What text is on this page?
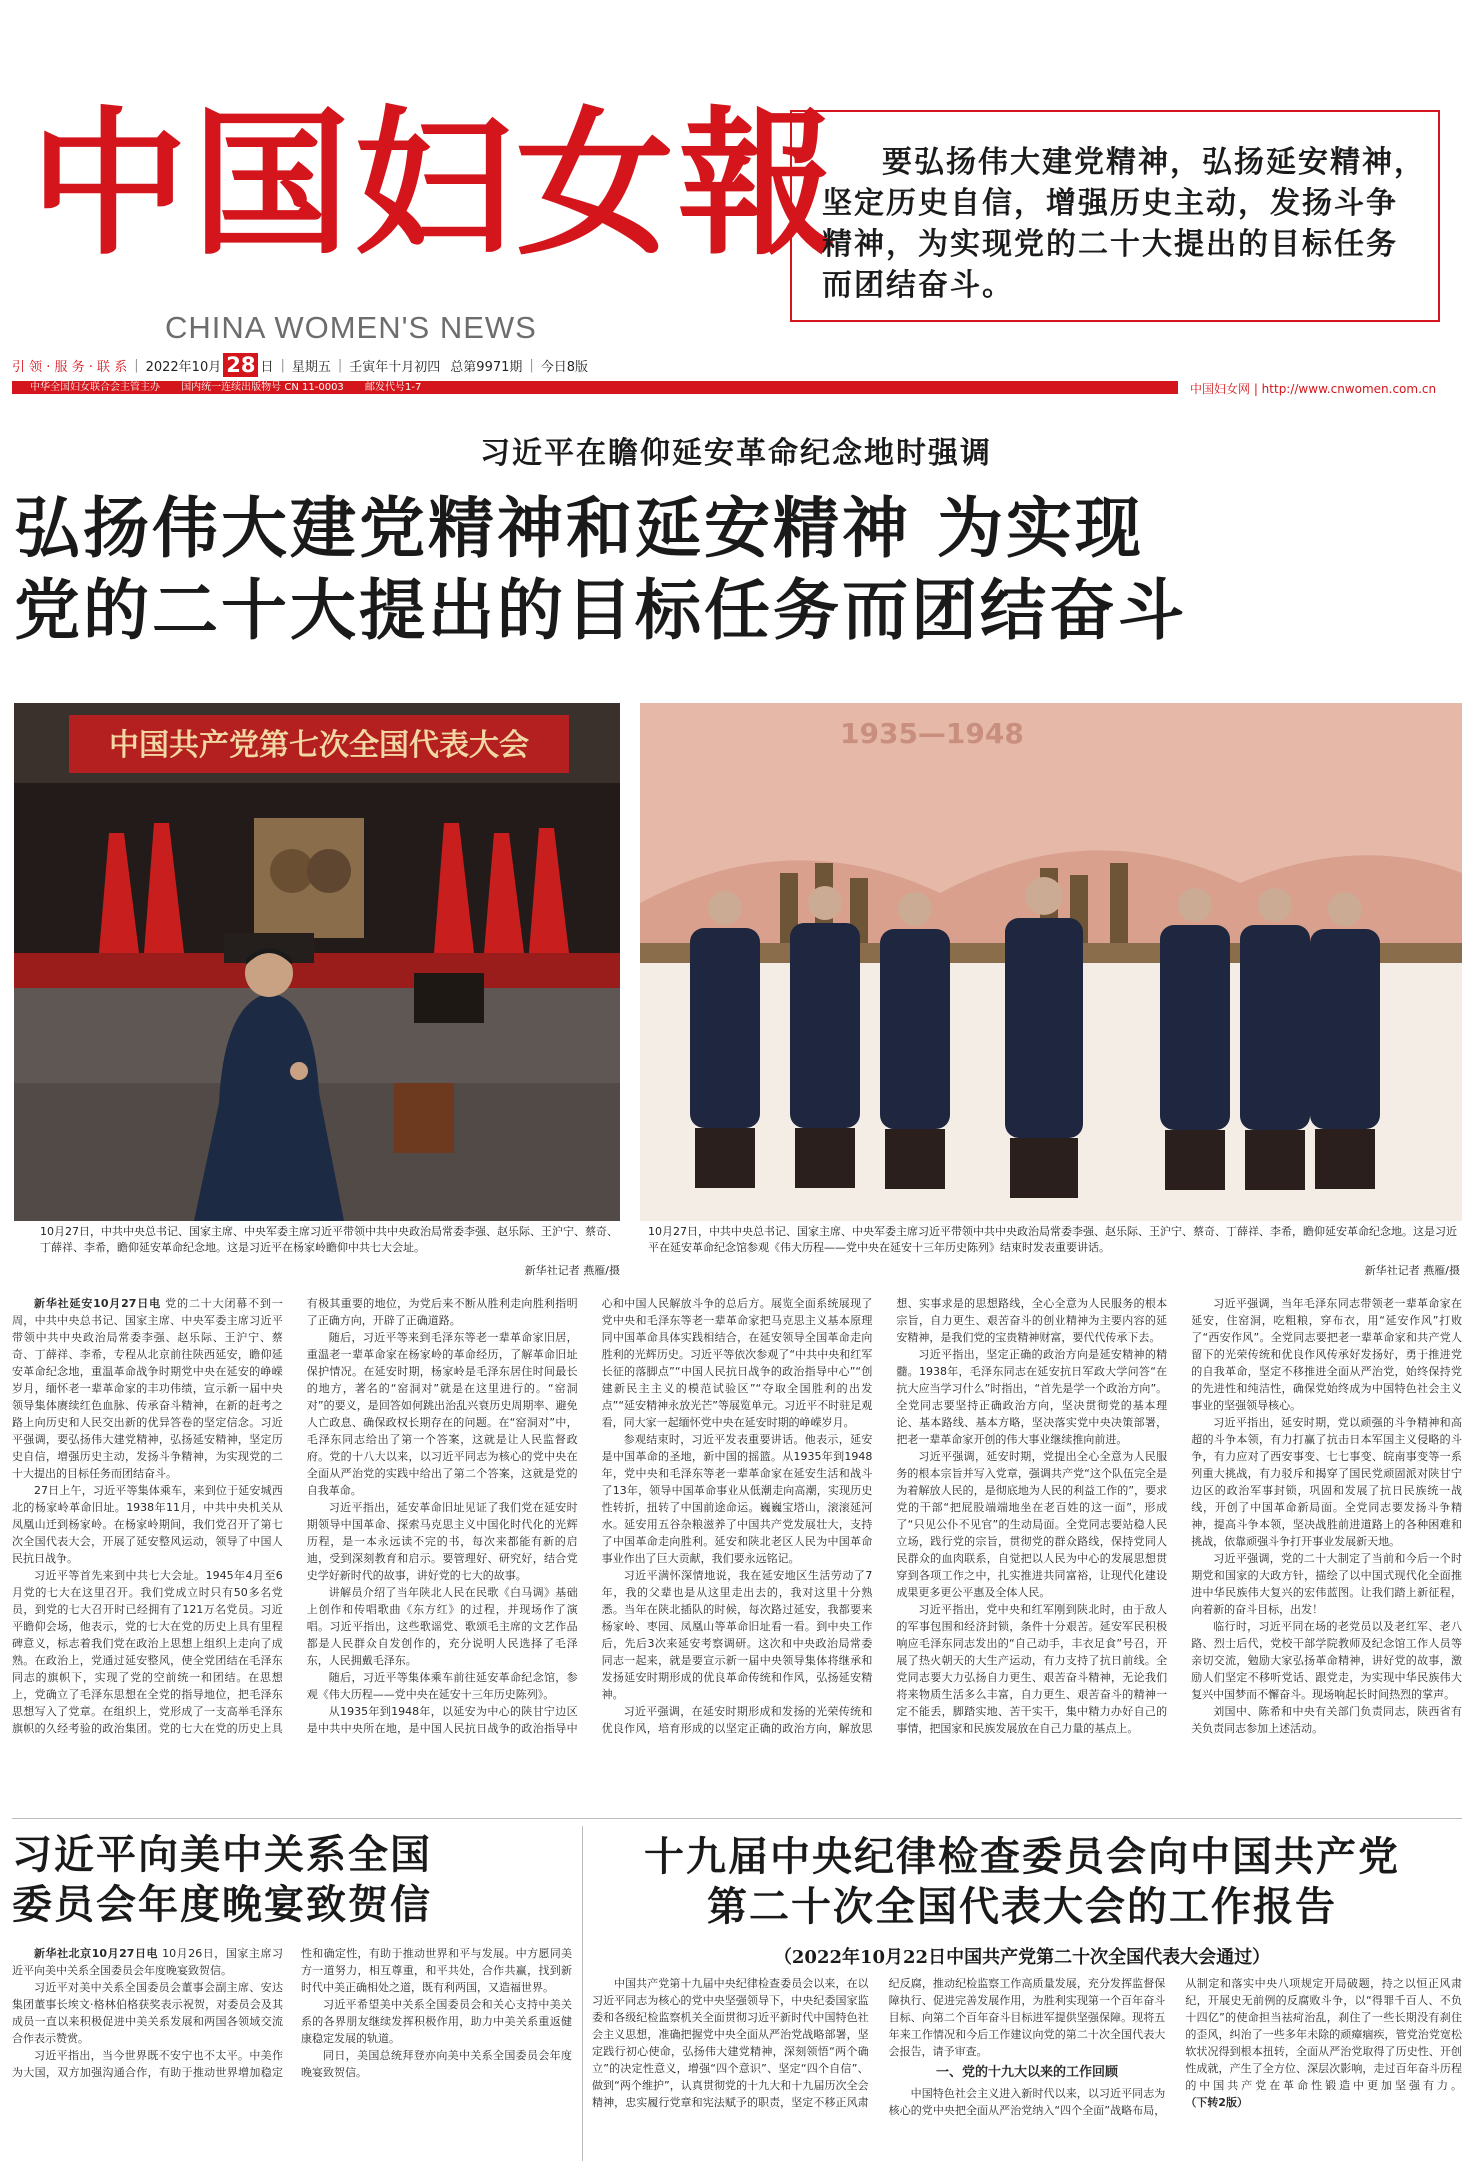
中国妇女報
CHINA WOMEN'S NEWS
要弘扬伟大建党精神，弘扬延安精神，坚定历史自信，增强历史主动，发扬斗争精神，为实现党的二十大提出的目标任务而团结奋斗。
引 领 · 服 务 · 联 系 | 2022年10月 28 日 | 星期五 | 壬寅年十月初四 总第9971期 | 今日8版
中华全国妇女联合会主管主办 国内统一连续出版物号 CN 11-0003 邮发代号1-7	中国妇女网 | http://www.cnwomen.com.cn
习近平在瞻仰延安革命纪念地时强调
弘扬伟大建党精神和延安精神 为实现
党的二十大提出的目标任务而团结奋斗
中国共产党第七次全国代表大会
10月27日，中共中央总书记、国家主席、中央军委主席习近平带领中共中央政治局常委李强、赵乐际、王沪宁、蔡奇、丁薛祥、李希，瞻仰延安革命纪念地。这是习近平在杨家岭瞻仰中共七大会址。
新华社记者 燕雁/摄
1935—1948
10月27日，中共中央总书记、国家主席、中央军委主席习近平带领中共中央政治局常委李强、赵乐际、王沪宁、蔡奇、丁薛祥、李希，瞻仰延安革命纪念地。这是习近平在延安革命纪念馆参观《伟大历程——党中央在延安十三年历史陈列》结束时发表重要讲话。
新华社记者 燕雁/摄

新华社延安10月27日电 党的二十大闭幕不到一周，中共中央总书记、国家主席、中央军委主席习近平带领中共中央政治局常委李强、赵乐际、王沪宁、蔡奇、丁薛祥、李希，专程从北京前往陕西延安，瞻仰延安革命纪念地，重温革命战争时期党中央在延安的峥嵘岁月，缅怀老一辈革命家的丰功伟绩，宣示新一届中央领导集体赓续红色血脉、传承奋斗精神，在新的赶考之路上向历史和人民交出新的优异答卷的坚定信念。习近平强调，要弘扬伟大建党精神，弘扬延安精神，坚定历史自信，增强历史主动，发扬斗争精神，为实现党的二十大提出的目标任务而团结奋斗。

27日上午，习近平等集体乘车，来到位于延安城西北的杨家岭革命旧址。1938年11月，中共中央机关从凤凰山迁到杨家岭。在杨家岭期间，我们党召开了第七次全国代表大会，开展了延安整风运动，领导了中国人民抗日战争。

习近平等首先来到中共七大会址。1945年4月至6月党的七大在这里召开。我们党成立时只有50多名党员，到党的七大召开时已经拥有了121万名党员。习近平瞻仰会场，他表示，党的七大在党的历史上具有里程碑意义，标志着我们党在政治上思想上组织上走向了成熟。在政治上，党通过延安整风，使全党团结在毛泽东同志的旗帜下，实现了党的空前统一和团结。在思想上，党确立了毛泽东思想在全党的指导地位，把毛泽东思想写入了党章。在组织上，党形成了一支高举毛泽东旗帜的久经考验的政治集团。党的七大在党的历史上具有极其重要的地位，为党后来不断从胜利走向胜利指明了正确方向，开辟了正确道路。

随后，习近平等来到毛泽东等老一辈革命家旧居，重温老一辈革命家在杨家岭的革命经历，了解革命旧址保护情况。在延安时期，杨家岭是毛泽东居住时间最长的地方，著名的“窑洞对”就是在这里进行的。“窑洞对”的要义，是回答如何跳出治乱兴衰历史周期率、避免人亡政息、确保政权长期存在的问题。在“窑洞对”中，毛泽东同志给出了第一个答案，这就是让人民监督政府。党的十八大以来，以习近平同志为核心的党中央在全面从严治党的实践中给出了第二个答案，这就是党的自我革命。

习近平指出，延安革命旧址见证了我们党在延安时期领导中国革命、探索马克思主义中国化时代化的光辉历程，是一本永远读不完的书，每次来都能有新的启迪，受到深刻教育和启示。要管理好、研究好，结合党史学好新时代的故事，讲好党的七大的故事。

讲解员介绍了当年陕北人民在民歌《白马调》基础上创作和传唱歌曲《东方红》的过程，并现场作了演唱。习近平指出，这些歌谣党、歌颂毛主席的文艺作品都是人民群众自发创作的，充分说明人民选择了毛泽东，人民拥戴毛泽东。

随后，习近平等集体乘车前往延安革命纪念馆，参观《伟大历程——党中央在延安十三年历史陈列》。

从1935年到1948年，以延安为中心的陕甘宁边区是中共中央所在地，是中国人民抗日战争的政治指导中心和中国人民解放斗争的总后方。展览全面系统展现了党中央和毛泽东等老一辈革命家把马克思主义基本原理同中国革命具体实践相结合，在延安领导全国革命走向胜利的光辉历史。习近平等依次参观了“中共中央和红军长征的落脚点”“中国人民抗日战争的政治指导中心”“创建新民主主义的模范试验区”“夺取全国胜利的出发点”“延安精神永放光芒”等展览单元。习近平不时驻足观看，同大家一起缅怀党中央在延安时期的峥嵘岁月。

参观结束时，习近平发表重要讲话。他表示，延安是中国革命的圣地，新中国的摇篮。从1935年到1948年，党中央和毛泽东等老一辈革命家在延安生活和战斗了13年，领导中国革命事业从低潮走向高潮，实现历史性转折，扭转了中国前途命运。巍巍宝塔山，滚滚延河水。延安用五谷杂粮滋养了中国共产党发展壮大，支持了中国革命走向胜利。延安和陕北老区人民为中国革命事业作出了巨大贡献，我们要永远铭记。

习近平满怀深情地说，我在延安地区生活劳动了7年，我的父辈也是从这里走出去的，我对这里十分熟悉。当年在陕北插队的时候，每次路过延安，我都要来杨家岭、枣园、凤凰山等革命旧址看一看。到中央工作后，先后3次来延安考察调研。这次和中央政治局常委同志一起来，就是要宣示新一届中央领导集体将继承和发扬延安时期形成的优良革命传统和作风，弘扬延安精神。

习近平强调，在延安时期形成和发扬的光荣传统和优良作风，培育形成的以坚定正确的政治方向，解放思想、实事求是的思想路线，全心全意为人民服务的根本宗旨，自力更生、艰苦奋斗的创业精神为主要内容的延安精神，是我们党的宝贵精神财富，要代代传承下去。

习近平指出，坚定正确的政治方向是延安精神的精髓。1938年，毛泽东同志在延安抗日军政大学问答“在抗大应当学习什么”时指出，“首先是学一个政治方向”。全党同志要坚持正确政治方向，坚决贯彻党的基本理论、基本路线、基本方略，坚决落实党中央决策部署，把老一辈革命家开创的伟大事业继续推向前进。

习近平强调，延安时期，党提出全心全意为人民服务的根本宗旨并写入党章，强调共产党“这个队伍完全是为着解放人民的，是彻底地为人民的利益工作的”，要求党的干部“把屁股端端地坐在老百姓的这一面”，形成了“只见公仆不见官”的生动局面。全党同志要站稳人民立场，践行党的宗旨，贯彻党的群众路线，保持党同人民群众的血肉联系，自觉把以人民为中心的发展思想贯穿到各项工作之中，扎实推进共同富裕，让现代化建设成果更多更公平惠及全体人民。

习近平指出，党中央和红军刚到陕北时，由于敌人的军事包围和经济封锁，条件十分艰苦。延安军民积极响应毛泽东同志发出的“自己动手，丰衣足食”号召，开展了热火朝天的大生产运动，有力支持了抗日前线。全党同志要大力弘扬自力更生、艰苦奋斗精神，无论我们将来物质生活多么丰富，自力更生、艰苦奋斗的精神一定不能丢，脚踏实地、苦干实干，集中精力办好自己的事情，把国家和民族发展放在自己力量的基点上。

习近平强调，当年毛泽东同志带领老一辈革命家在延安，住窑洞，吃粗粮，穿布衣，用“延安作风”打败了“西安作风”。全党同志要把老一辈革命家和共产党人留下的光荣传统和优良作风传承好发扬好，勇于推进党的自我革命，坚定不移推进全面从严治党，始终保持党的先进性和纯洁性，确保党始终成为中国特色社会主义事业的坚强领导核心。

习近平指出，延安时期，党以顽强的斗争精神和高超的斗争本领，有力打赢了抗击日本军国主义侵略的斗争，有力应对了西安事变、七七事变、皖南事变等一系列重大挑战，有力驳斥和揭穿了国民党顽固派对陕甘宁边区的政治军事封锁，巩固和发展了抗日民族统一战线，开创了中国革命新局面。全党同志要发扬斗争精神，提高斗争本领，坚决战胜前进道路上的各种困难和挑战，依靠顽强斗争打开事业发展新天地。

习近平强调，党的二十大制定了当前和今后一个时期党和国家的大政方针，描绘了以中国式现代化全面推进中华民族伟大复兴的宏伟蓝图。让我们踏上新征程，向着新的奋斗目标，出发！

临行时，习近平同在场的老党员以及老红军、老八路、烈士后代，党校干部学院教师及纪念馆工作人员等亲切交流，勉励大家弘扬革命精神，讲好党的故事，激励人们坚定不移听党话、跟党走，为实现中华民族伟大复兴中国梦而不懈奋斗。现场响起长时间热烈的掌声。

刘国中、陈希和中央有关部门负责同志，陕西省有关负责同志参加上述活动。

习近平向美中关系全国
委员会年度晚宴致贺信

新华社北京10月27日电 10月26日，国家主席习近平向美中关系全国委员会年度晚宴致贺信。

习近平对美中关系全国委员会董事会副主席、安达集团董事长埃文·格林伯格获奖表示祝贺，对委员会及其成员一直以来积极促进中美关系发展和两国各领域交流合作表示赞赏。

习近平指出，当今世界既不安宁也不太平。中美作为大国，双方加强沟通合作，有助于推动世界增加稳定性和确定性，有助于推动世界和平与发展。中方愿同美方一道努力，相互尊重，和平共处，合作共赢，找到新时代中美正确相处之道，既有利两国，又造福世界。

习近平希望美中关系全国委员会和关心支持中美关系的各界朋友继续发挥积极作用，助力中美关系重返健康稳定发展的轨道。

同日，美国总统拜登亦向美中关系全国委员会年度晚宴致贺信。

十九届中央纪律检查委员会向中国共产党
第二十次全国代表大会的工作报告
（2022年10月22日中国共产党第二十次全国代表大会通过）

中国共产党第十九届中央纪律检查委员会以来，在以习近平同志为核心的党中央坚强领导下，中央纪委国家监委和各级纪检监察机关全面贯彻习近平新时代中国特色社会主义思想，准确把握党中央全面从严治党战略部署，坚定践行初心使命，弘扬伟大建党精神，深刻领悟“两个确立”的决定性意义，增强“四个意识”、坚定“四个自信”、做到“两个维护”，认真贯彻党的十九大和十九届历次全会精神，忠实履行党章和宪法赋予的职责，坚定不移正风肃纪反腐，推动纪检监察工作高质量发展，充分发挥监督保障执行、促进完善发展作用，为胜利实现第一个百年奋斗目标、向第二个百年奋斗目标进军提供坚强保障。现将五年来工作情况和今后工作建议向党的第二十次全国代表大会报告，请予审查。

一、党的十九大以来的工作回顾

中国特色社会主义进入新时代以来，以习近平同志为核心的党中央把全面从严治党纳入“四个全面”战略布局，从制定和落实中央八项规定开局破题，持之以恒正风肃纪，开展史无前例的反腐败斗争，以“得罪千百人、不负十四亿”的使命担当祛疴治乱，刹住了一些长期没有刹住的歪风，纠治了一些多年未除的顽瘴痼疾，管党治党宽松软状况得到根本扭转，全面从严治党取得了历史性、开创性成就，产生了全方位、深层次影响，走过百年奋斗历程的中国共产党在革命性锻造中更加坚强有力。（下转2版）
